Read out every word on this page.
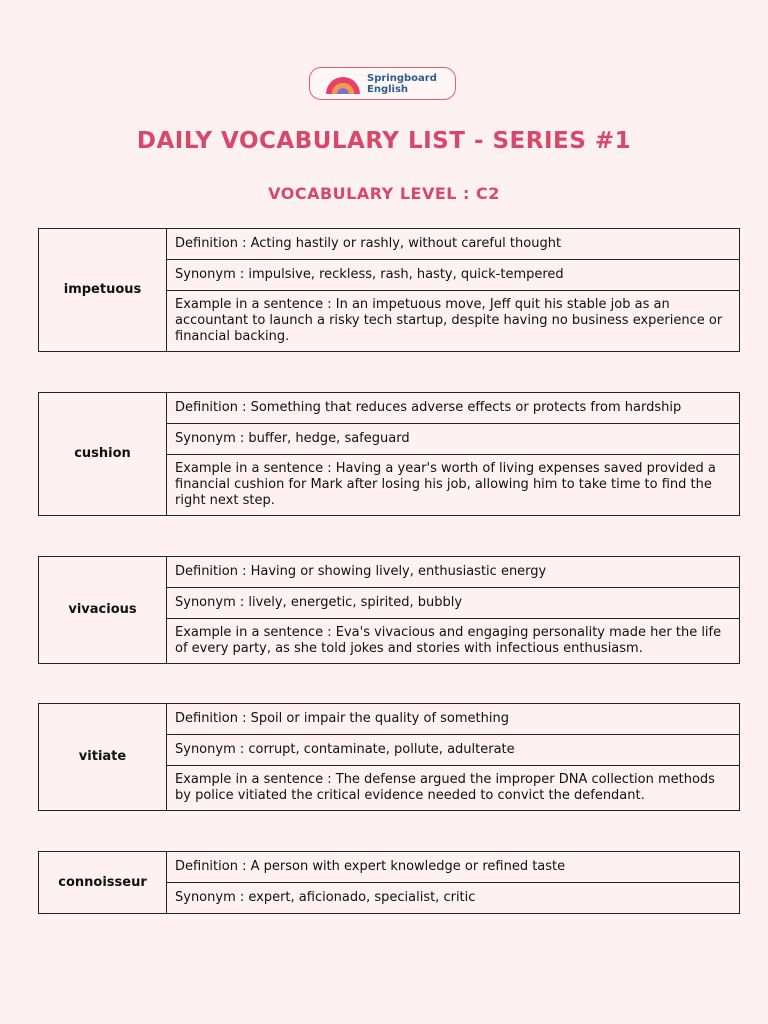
Springboard
English
DAILY VOCABULARY LIST - SERIES #1
VOCABULARY LEVEL : C2
impetuous	Definition : Acting hastily or rashly, without careful thought
Synonym : impulsive, reckless, rash, hasty, quick-tempered
Example in a sentence : In an impetuous move, Jeff quit his stable job as an accountant to launch a risky tech startup, despite having no business experience or financial backing.
cushion	Definition : Something that reduces adverse effects or protects from hardship
Synonym : buffer, hedge, safeguard
Example in a sentence : Having a year's worth of living expenses saved provided a financial cushion for Mark after losing his job, allowing him to take time to find the right next step.
vivacious	Definition : Having or showing lively, enthusiastic energy
Synonym : lively, energetic, spirited, bubbly
Example in a sentence : Eva's vivacious and engaging personality made her the life of every party, as she told jokes and stories with infectious enthusiasm.
vitiate	Definition : Spoil or impair the quality of something
Synonym : corrupt, contaminate, pollute, adulterate
Example in a sentence : The defense argued the improper DNA collection methods by police vitiated the critical evidence needed to convict the defendant.
connoisseur	Definition : A person with expert knowledge or refined taste
Synonym : expert, aficionado, specialist, critic
